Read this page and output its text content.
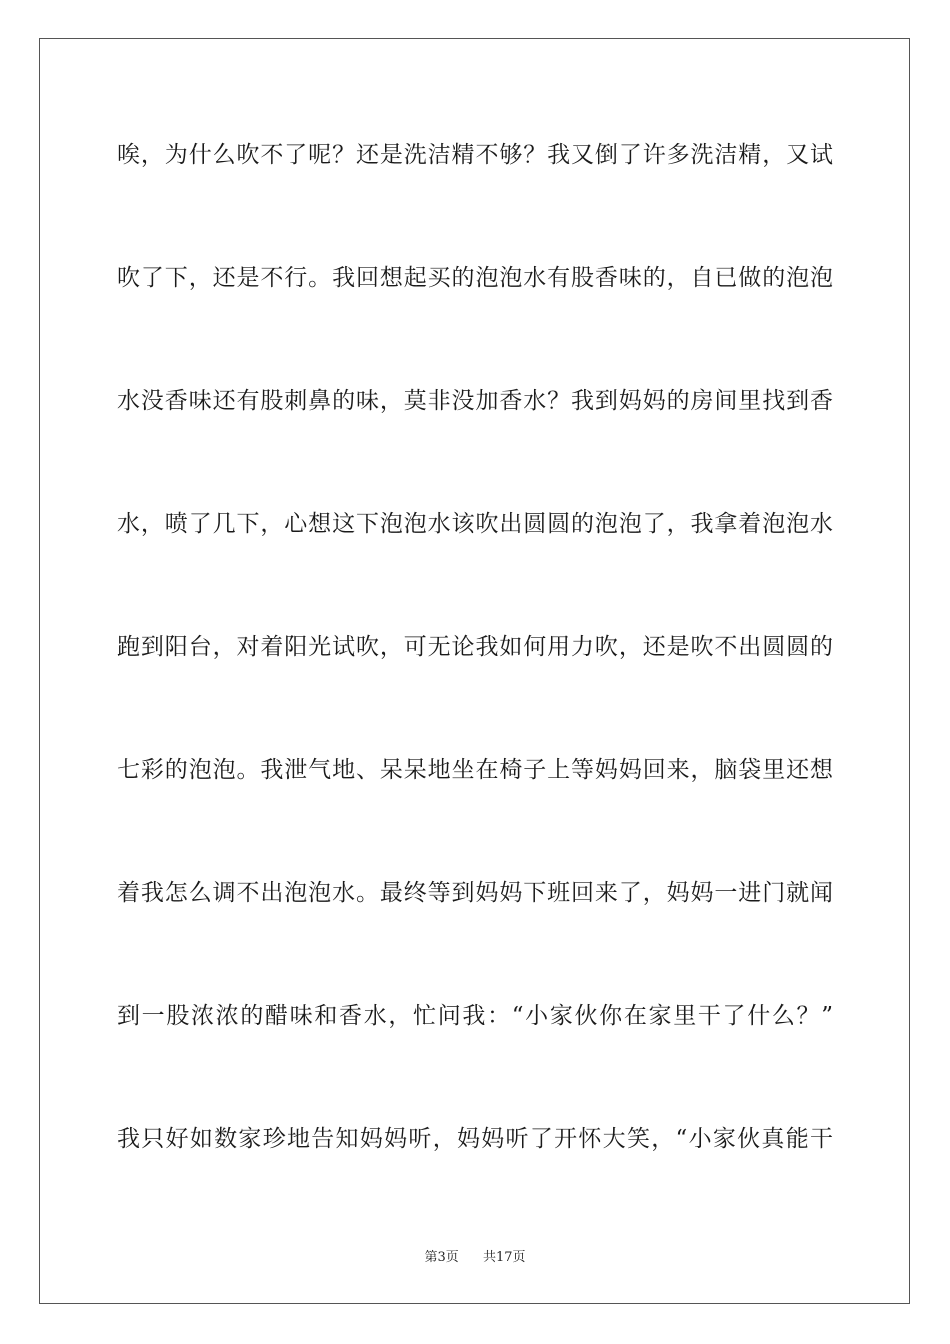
唉，为什么吹不了呢？还是洗洁精不够？我又倒了许多洗洁精，又试
吹了下，还是不行。我回想起买的泡泡水有股香味的，自已做的泡泡
水没香味还有股刺鼻的味，莫非没加香水？我到妈妈的房间里找到香
水，喷了几下，心想这下泡泡水该吹出圆圆的泡泡了，我拿着泡泡水
跑到阳台，对着阳光试吹，可无论我如何用力吹，还是吹不出圆圆的
七彩的泡泡。我泄气地、呆呆地坐在椅子上等妈妈回来，脑袋里还想
着我怎么调不出泡泡水。最终等到妈妈下班回来了，妈妈一进门就闻
到一股浓浓的醋味和香水，忙问我：“小家伙你在家里干了什么？”
我只好如数家珍地告知妈妈听，妈妈听了开怀大笑，“小家伙真能干
第3页 共17页
